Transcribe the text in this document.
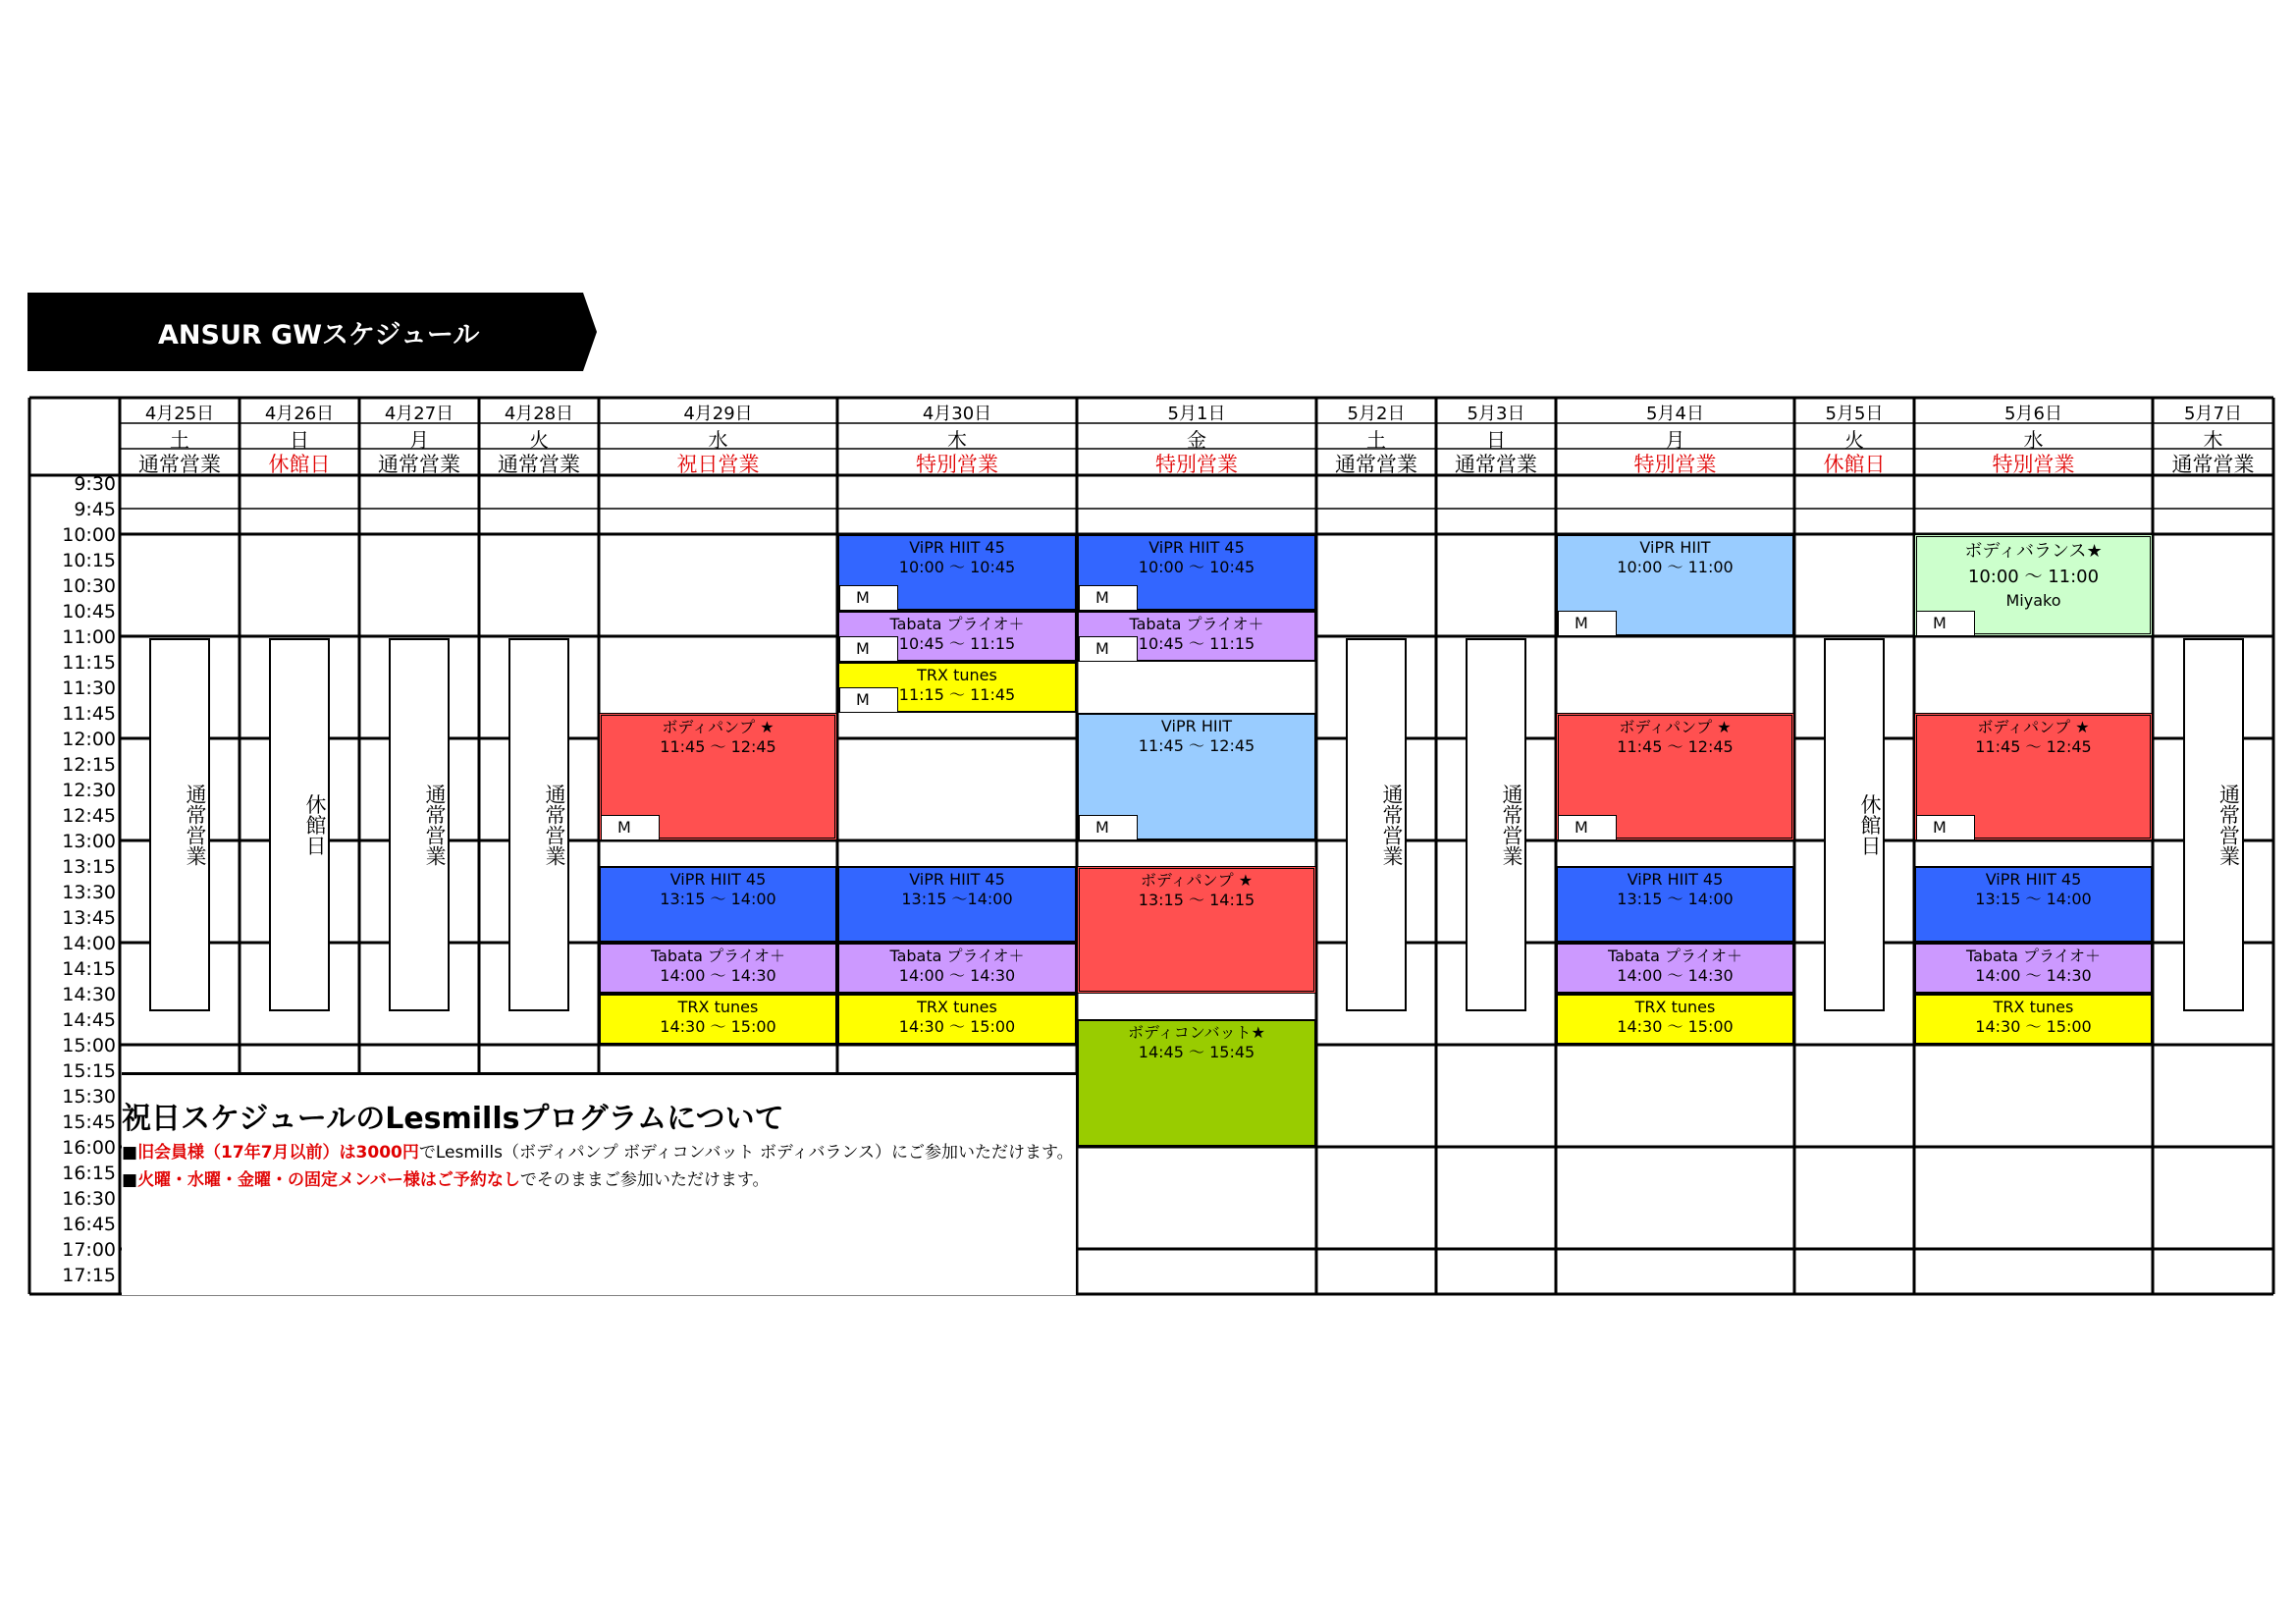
ANSUR GWスケジュール
9:30
9:45
10:00
10:15
10:30
10:45
11:00
11:15
11:30
11:45
12:00
12:15
12:30
12:45
13:00
13:15
13:30
13:45
14:00
14:15
14:30
14:45
15:00
15:15
15:30
15:45
16:00
16:15
16:30
16:45
17:00
17:15
4月25日
土
通常営業
通常営業
4月26日
日
休館日
休館日
4月27日
月
通常営業
通常営業
4月28日
火
通常営業
通常営業
4月29日
水
祝日営業
4月30日
木
特別営業
5月1日
金
特別営業
5月2日
土
通常営業
通常営業
5月3日
日
通常営業
通常営業
5月4日
月
特別営業
5月5日
火
休館日
休館日
5月6日
水
特別営業
5月7日
木
通常営業
通常営業
ボディパンプ ★
11:45 ～ 12:45
M
ViPR HIIT 45
13:15 ～ 14:00
Tabata プライオ＋
14:00 ～ 14:30
TRX tunes
14:30 ～ 15:00
ViPR HIIT 45
10:00 ～ 10:45
M
Tabata プライオ＋
10:45 ～ 11:15
M
TRX tunes
11:15 ～ 11:45
M
ViPR HIIT 45
13:15 ～14:00
Tabata プライオ＋
14:00 ～ 14:30
TRX tunes
14:30 ～ 15:00
ViPR HIIT 45
10:00 ～ 10:45
M
Tabata プライオ＋
10:45 ～ 11:15
M
ViPR HIIT
11:45 ～ 12:45
M
ボディパンプ ★
13:15 ～ 14:15
ボディコンバット★
14:45 ～ 15:45
ViPR HIIT
10:00 ～ 11:00
M
ボディパンプ ★
11:45 ～ 12:45
M
ViPR HIIT 45
13:15 ～ 14:00
Tabata プライオ＋
14:00 ～ 14:30
TRX tunes
14:30 ～ 15:00
ボディバランス★
10:00 ～ 11:00
Miyako
M
ボディパンプ ★
11:45 ～ 12:45
M
ViPR HIIT 45
13:15 ～ 14:00
Tabata プライオ＋
14:00 ～ 14:30
TRX tunes
14:30 ～ 15:00
祝日スケジュールのLesmillsプログラムについて
■旧会員様（17年7月以前）は3000円でLesmills（ボディパンプ ボディコンバット ボディバランス）にご参加いただけます。
■火曜・水曜・金曜・の固定メンバー様はご予約なしでそのままご参加いただけます。
